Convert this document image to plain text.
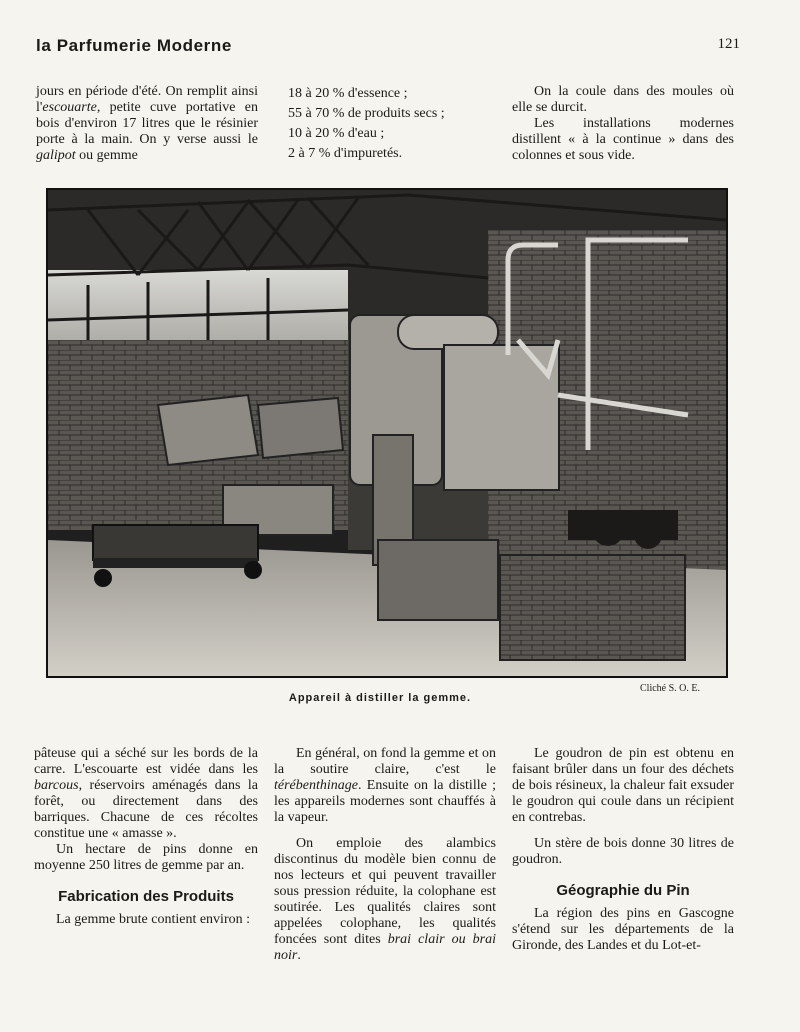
la Parfumerie Moderne	121

jours en période d'été. On remplit ainsi l'escouarte, petite cuve portative en bois d'environ 17 litres que le résinier porte à la main. On y verse aussi le galipot ou gemme

18 à 20 % d'essence ;
55 à 70 % de produits secs ;
10 à 20 % d'eau ;
2 à 7 % d'impuretés.

On la coule dans des moules où elle se durcit.

Les installations modernes distillent « à la continue » dans des colonnes et sous vide.

Cliché S. O. E.
Appareil à distiller la gemme.

pâteuse qui a séché sur les bords de la carre. L'escouarte est vidée dans les barcous, réservoirs aménagés dans la forêt, ou directement dans des barriques. Chacune de ces récoltes constitue une « amasse ».

Un hectare de pins donne en moyenne 250 litres de gemme par an.

Fabrication des Produits

La gemme brute contient environ :

En général, on fond la gemme et on la soutire claire, c'est le térébenthinage. Ensuite on la distille ; les appareils modernes sont chauffés à la vapeur.

On emploie des alambics discontinus du modèle bien connu de nos lecteurs et qui peuvent travailler sous pression réduite, la colophane est soutirée. Les qualités claires sont appelées colophane, les qualités foncées sont dites brai clair ou brai noir.

Le goudron de pin est obtenu en faisant brûler dans un four des déchets de bois résineux, la chaleur fait exsuder le goudron qui coule dans un récipient en contrebas.

Un stère de bois donne 30 litres de goudron.

Géographie du Pin

La région des pins en Gascogne s'étend sur les départements de la Gironde, des Landes et du Lot-et-
